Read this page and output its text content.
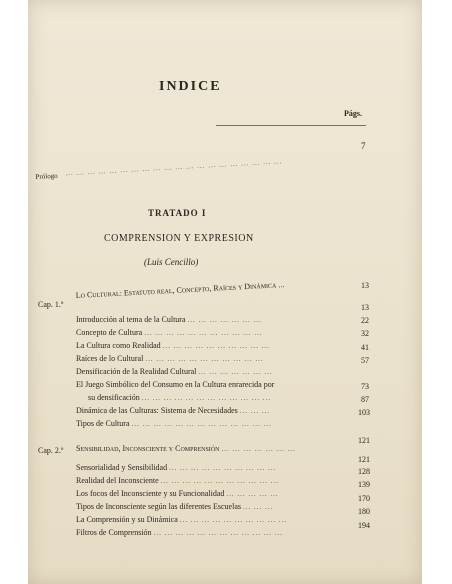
INDICE
Págs.
Prólogo ... ... ... ... ... ... ... ... ... ... ... ... ... ... ... ... ... ... ... ...
7
TRATADO I
COMPRENSION Y EXPRESION
(Luis Cencillo)
Cap. 1.º
Lo Cultural: Estatuto real, Concepto, Raíces y Dinámica ...	13
Introducción al tema de la Cultura ... ... ... ... ... ... ...
13
Concepto de Cultura ... ... ... ... ... ... ... ... ... ... ...
22
La Cultura como Realidad ... ... ... ... ... ... ... ... ... ...
32
Raíces de lo Cultural ... ... ... ... ... ... ... ... ... ... ...
41
Densificación de la Realidad Cultural ... ... ... ... ... ... ...
57
El Juego Simbólico del Consumo en la Cultura enrarecida por
su densificación ... ... ... ... ... ... ... ... ... ... ... ...
73
Dinámica de las Culturas: Sistema de Necesidades ... ... ...
87
Tipos de Cultura ... ... ... ... ... ... ... ... ... ... ... ... ...
103
Cap. 2.º Sensibilidad, Inconsciente y Comprensión ... ... ... ... ... ... ...
121
Sensorialidad y Sensibilidad ... ... ... ... ... ... ... ... ... ...
121
Realidad del Inconsciente ... ... ... ... ... ... ... ... ... ... ...
128
Los focos del Inconsciente y su Funcionalidad ... ... ... ... ...
139
Tipos de Inconsciente según las diferentes Escuelas ... ... ...
170
La Comprensión y su Dinámica ... ... ... ... ... ... ... ... ... ...
180
Filtros de Comprensión ... ... ... ... ... ... ... ... ... ... ... ...
194
